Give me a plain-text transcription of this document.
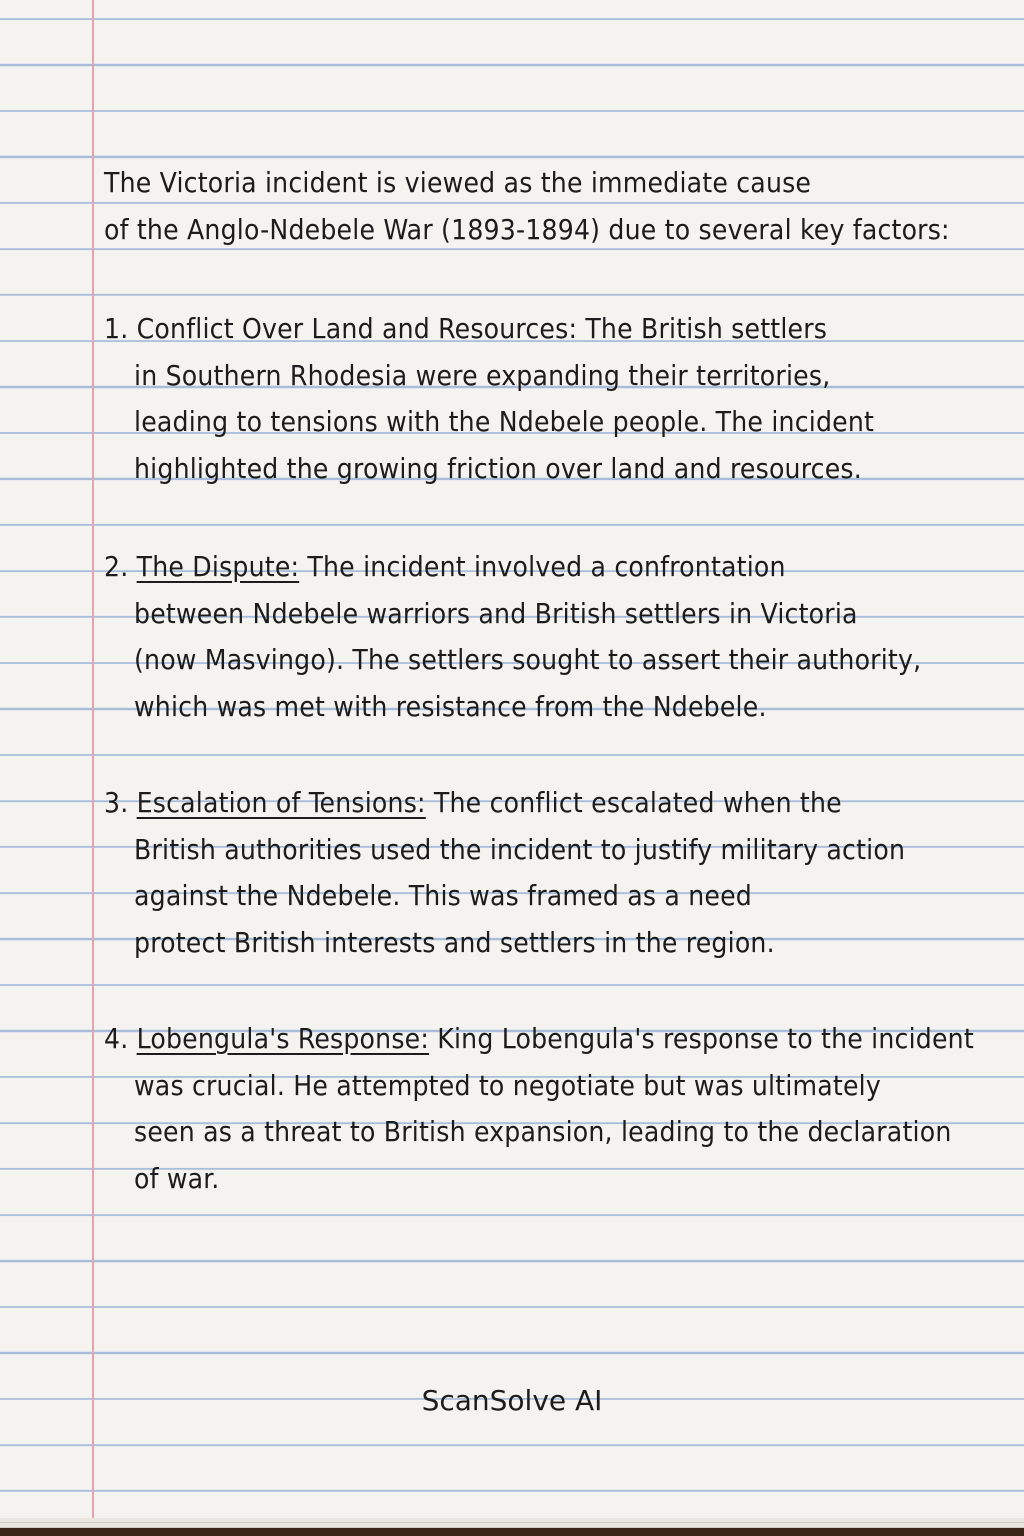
The Victoria incident is viewed as the immediate cause
of the Anglo-Ndebele War (1893-1894) due to several key factors:
1. Conflict Over Land and Resources: The British settlers
in Southern Rhodesia were expanding their territories,
leading to tensions with the Ndebele people. The incident
highlighted the growing friction over land and resources.
2. The Dispute: The incident involved a confrontation
between Ndebele warriors and British settlers in Victoria
(now Masvingo). The settlers sought to assert their authority,
which was met with resistance from the Ndebele.
3. Escalation of Tensions: The conflict escalated when the
British authorities used the incident to justify military action
against the Ndebele. This was framed as a need
protect British interests and settlers in the region.
4. Lobengula's Response: King Lobengula's response to the incident
was crucial. He attempted to negotiate but was ultimately
seen as a threat to British expansion, leading to the declaration
of war.
ScanSolve AI
